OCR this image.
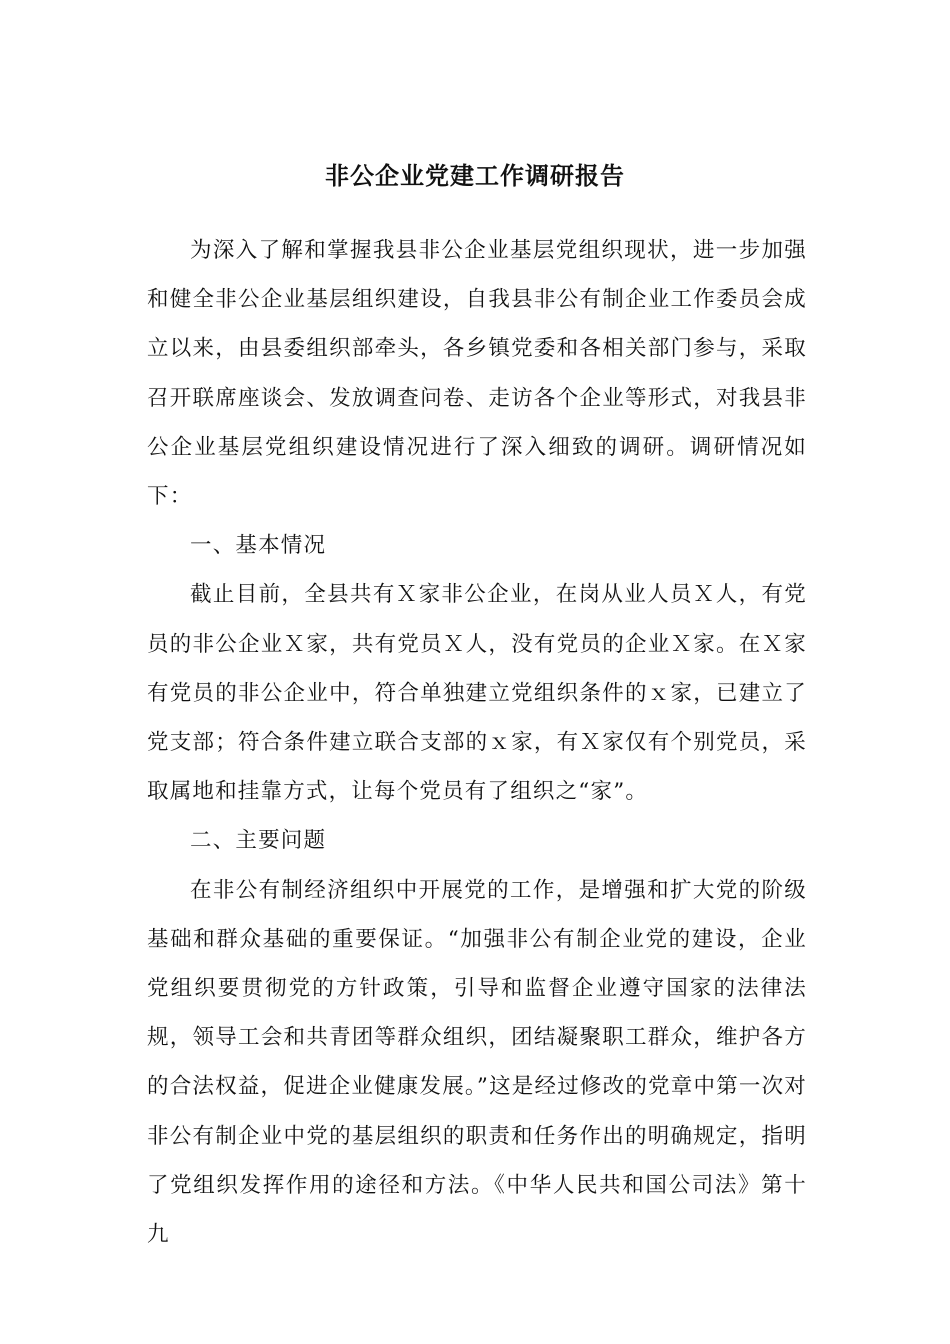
非公企业党建工作调研报告

为深入了解和掌握我县非公企业基层党组织现状，进一步加强和健全非公企业基层组织建设，自我县非公有制企业工作委员会成立以来，由县委组织部牵头，各乡镇党委和各相关部门参与，采取召开联席座谈会、发放调查问卷、走访各个企业等形式，对我县非公企业基层党组织建设情况进行了深入细致的调研。调研情况如下：

一、基本情况

截止目前，全县共有Ｘ家非公企业，在岗从业人员Ｘ人，有党员的非公企业Ｘ家，共有党员Ｘ人，没有党员的企业Ｘ家。在Ｘ家有党员的非公企业中，符合单独建立党组织条件的ｘ家，已建立了党支部；符合条件建立联合支部的ｘ家，有Ｘ家仅有个别党员，采取属地和挂靠方式，让每个党员有了组织之“家”。

二、主要问题

在非公有制经济组织中开展党的工作，是增强和扩大党的阶级基础和群众基础的重要保证。“加强非公有制企业党的建设，企业党组织要贯彻党的方针政策，引导和监督企业遵守国家的法律法规，领导工会和共青团等群众组织，团结凝聚职工群众，维护各方的合法权益，促进企业健康发展。”这是经过修改的党章中第一次对非公有制企业中党的基层组织的职责和任务作出的明确规定，指明了党组织发挥作用的途径和方法。《中华人民共和国公司法》第十九
